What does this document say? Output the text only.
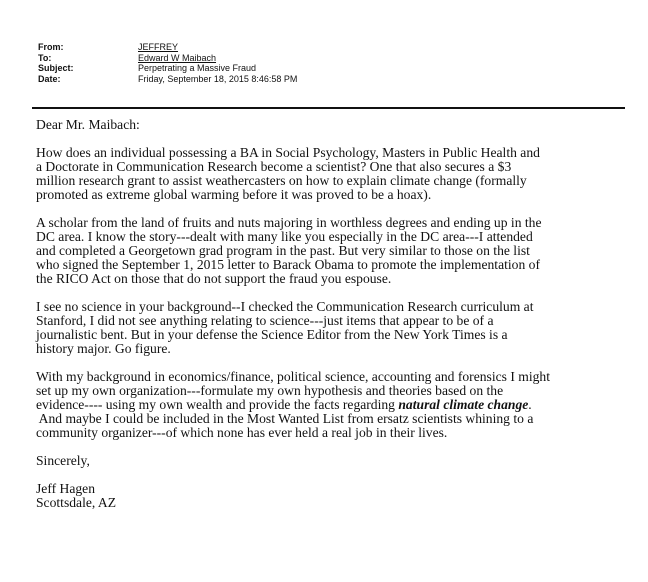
From:	JEFFREY
To:	Edward W Maibach
Subject:	Perpetrating a Massive Fraud
Date:	Friday, September 18, 2015 8:46:58 PM

Dear Mr. Maibach:

How does an individual possessing a BA in Social Psychology, Masters in Public Health and
a Doctorate in Communication Research become a scientist? One that also secures a $3
million research grant to assist weathercasters on how to explain climate change (formally
promoted as extreme global warming before it was proved to be a hoax).

A scholar from the land of fruits and nuts majoring in worthless degrees and ending up in the
DC area. I know the story---dealt with many like you especially in the DC area---I attended
and completed a Georgetown grad program in the past. But very similar to those on the list
who signed the September 1, 2015 letter to Barack Obama to promote the implementation of
the RICO Act on those that do not support the fraud you espouse.

I see no science in your background--I checked the Communication Research curriculum at
Stanford, I did not see anything relating to science---just items that appear to be of a
journalistic bent. But in your defense the Science Editor from the New York Times is a
history major. Go figure.

With my background in economics/finance, political science, accounting and forensics I might
set up my own organization---formulate my own hypothesis and theories based on the
evidence---- using my own wealth and provide the facts regarding natural climate change.
And maybe I could be included in the Most Wanted List from ersatz scientists whining to a
community organizer---of which none has ever held a real job in their lives.

Sincerely,

Jeff Hagen
Scottsdale, AZ
